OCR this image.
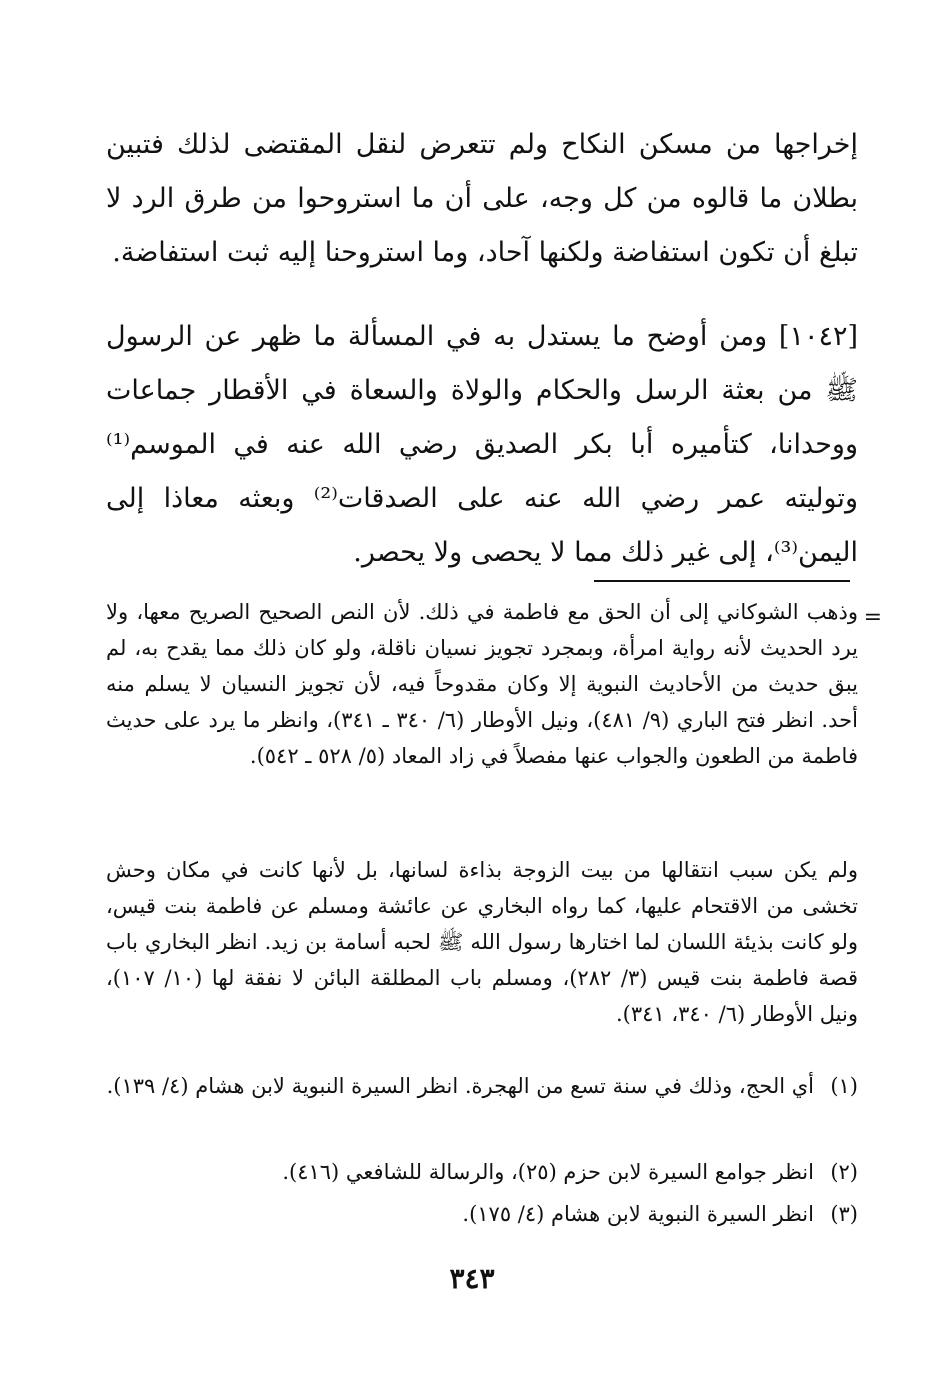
إخراجها من مسكن النكاح ولم تتعرض لنقل المقتضى لذلك فتبين بطلان ما قالوه من كل وجه، على أن ما استروحوا من طرق الرد لا تبلغ أن تكون استفاضة ولكنها آحاد، وما استروحنا إليه ثبت استفاضة.

[١٠٤٢] ومن أوضح ما يستدل به في المسألة ما ظهر عن الرسول ﷺ من بعثة الرسل والحكام والولاة والسعاة في الأقطار جماعات ووحدانا، كتأميره أبا بكر الصديق رضي الله عنه في الموسم⁽¹⁾ وتوليته عمر رضي الله عنه على الصدقات⁽²⁾ وبعثه معاذا إلى اليمن⁽³⁾، إلى غير ذلك مما لا يحصى ولا يحصر.

=

وذهب الشوكاني إلى أن الحق مع فاطمة في ذلك. لأن النص الصحيح الصريح معها، ولا يرد الحديث لأنه رواية امرأة، وبمجرد تجويز نسيان ناقلة، ولو كان ذلك مما يقدح به، لم يبق حديث من الأحاديث النبوية إلا وكان مقدوحاً فيه، لأن تجويز النسيان لا يسلم منه أحد. انظر فتح الباري (٩/ ٤٨١)، ونيل الأوطار (٦/ ٣٤٠ ـ ٣٤١)، وانظر ما يرد على حديث فاطمة من الطعون والجواب عنها مفصلاً في زاد المعاد (٥/ ٥٢٨ ـ ٥٤٢).

ولم يكن سبب انتقالها من بيت الزوجة بذاءة لسانها، بل لأنها كانت في مكان وحش تخشى من الاقتحام عليها، كما رواه البخاري عن عائشة ومسلم عن فاطمة بنت قيس، ولو كانت بذيئة اللسان لما اختارها رسول الله ﷺ لحبه أسامة بن زيد. انظر البخاري باب قصة فاطمة بنت قيس (٣/ ٢٨٢)، ومسلم باب المطلقة البائن لا نفقة لها (١٠/ ١٠٧)، ونيل الأوطار (٦/ ٣٤٠، ٣٤١).

(١)
أي الحج، وذلك في سنة تسع من الهجرة. انظر السيرة النبوية لابن هشام (٤/ ١٣٩).
(٢)
انظر جوامع السيرة لابن حزم (٢٥)، والرسالة للشافعي (٤١٦).
(٣)
انظر السيرة النبوية لابن هشام (٤/ ١٧٥).
٣٤٣
